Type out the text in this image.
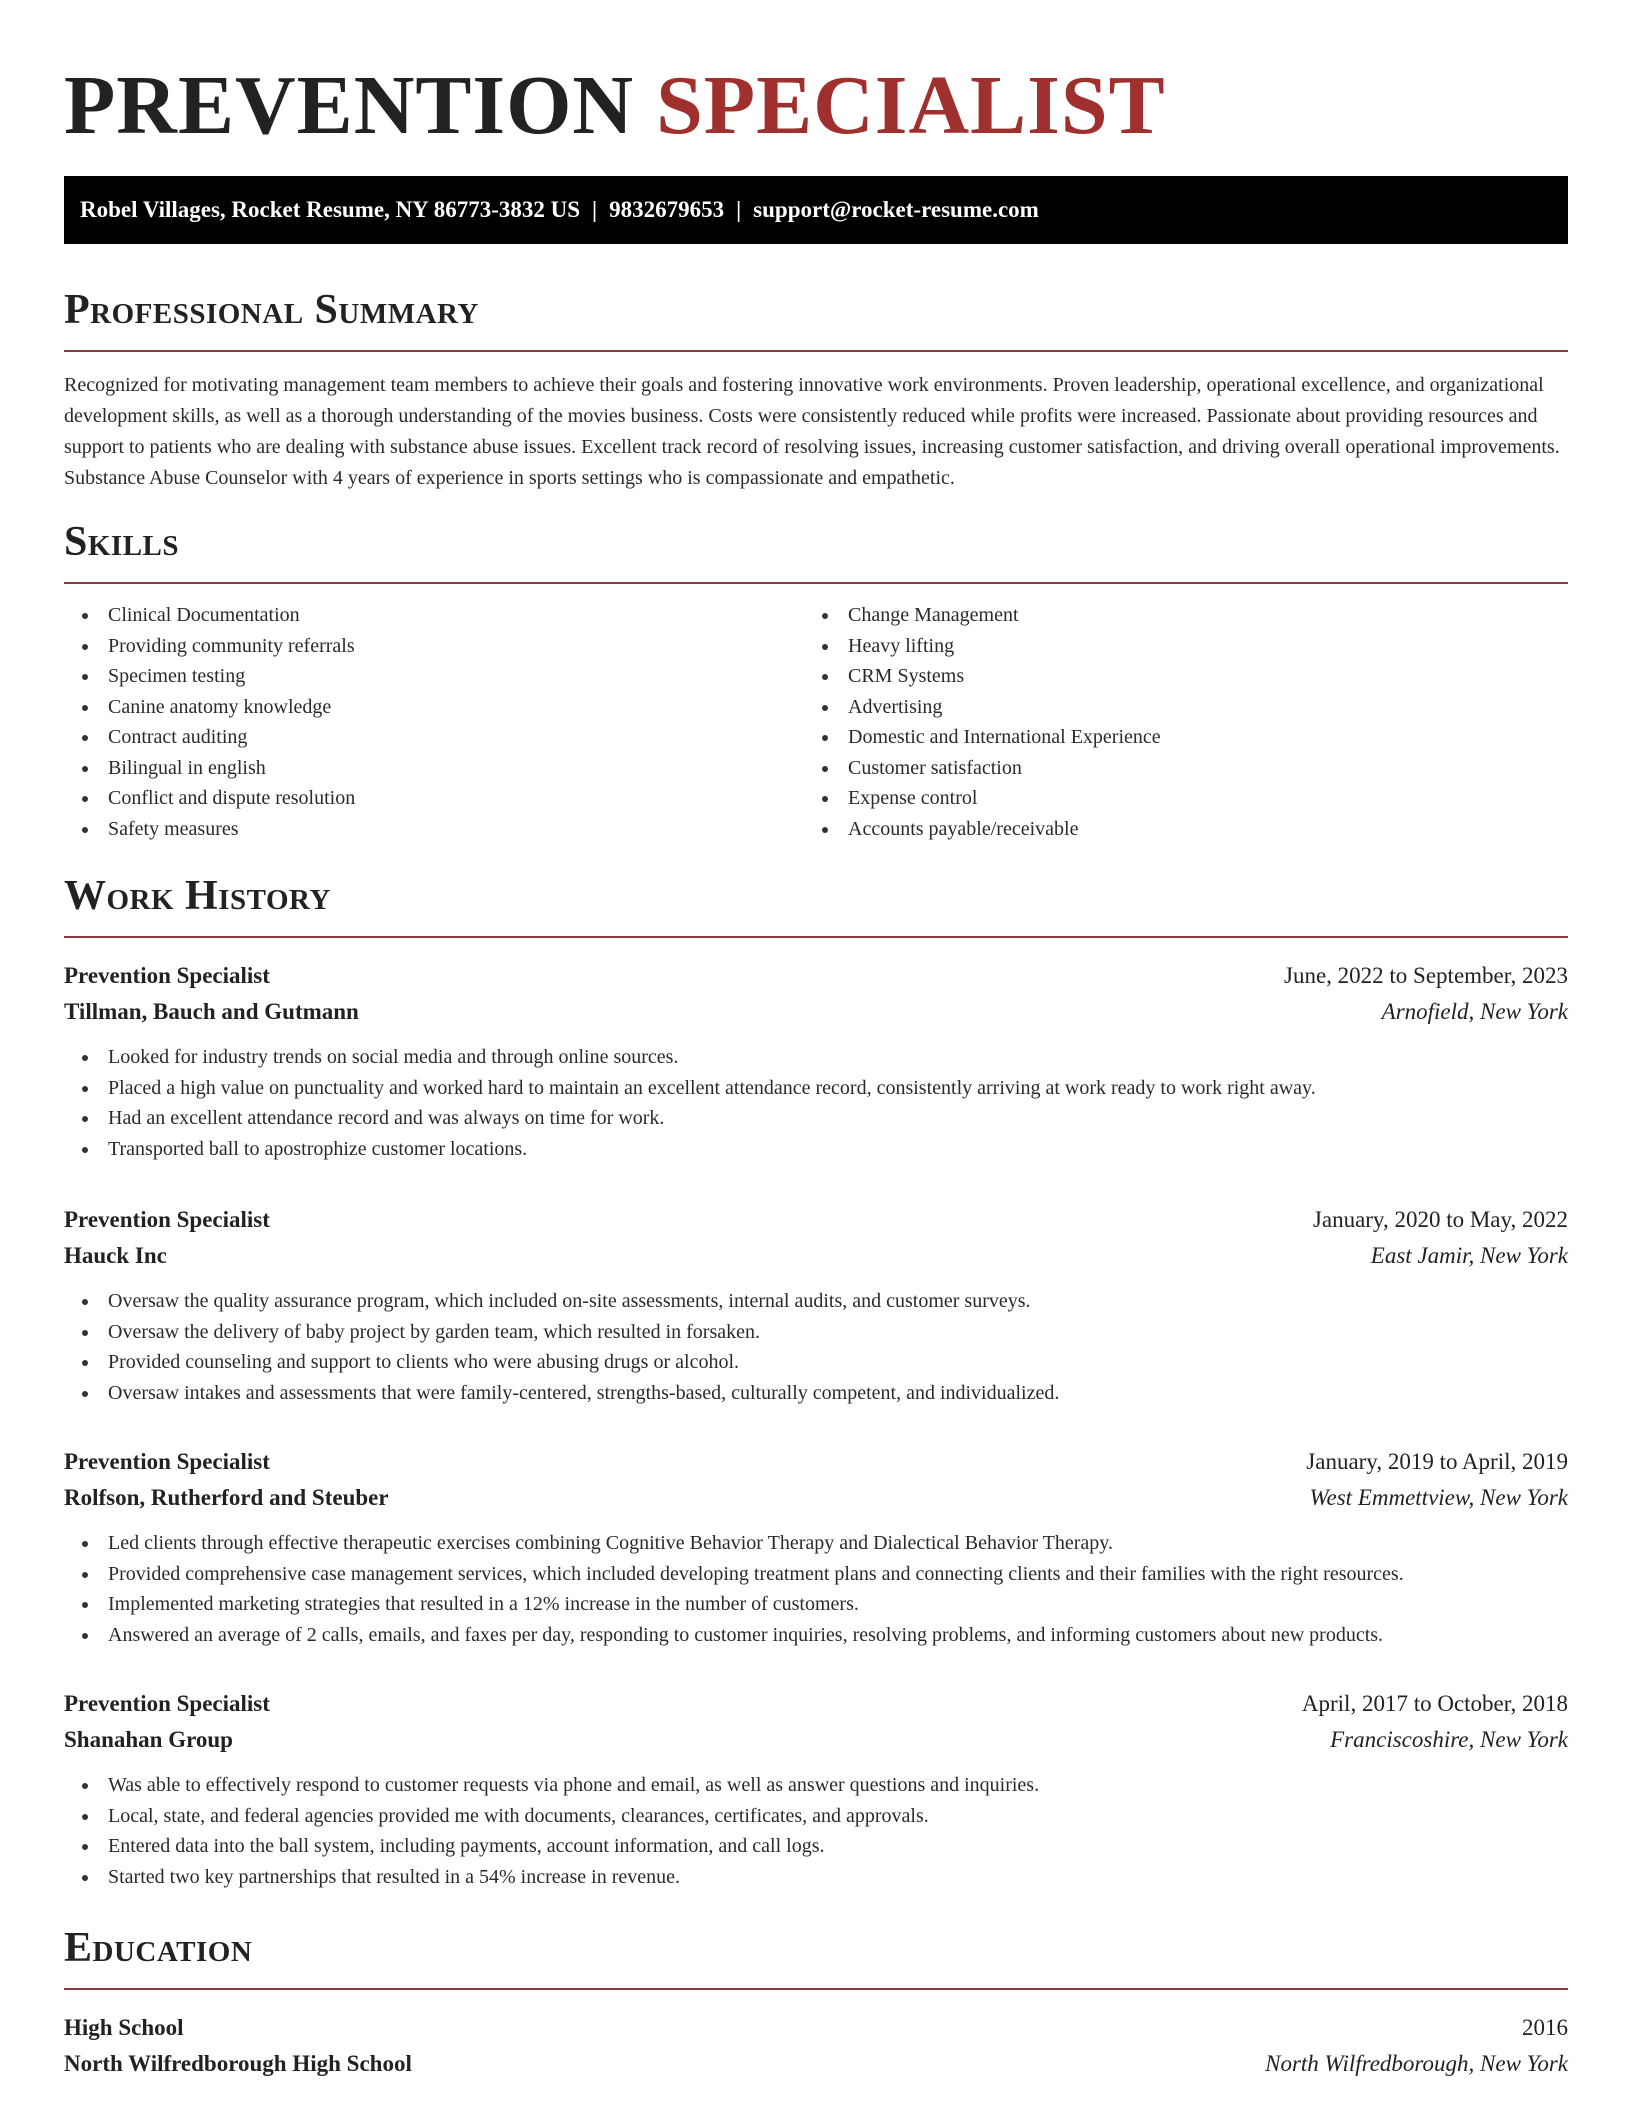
PREVENTION SPECIALIST
Robel Villages, Rocket Resume, NY 86773-3832 US | 9832679653 | support@rocket-resume.com
Professional Summary

Recognized for motivating management team members to achieve their goals and fostering innovative work environments. Proven leadership, operational excellence, and organizational development skills, as well as a thorough understanding of the movies business. Costs were consistently reduced while profits were increased. Passionate about providing resources and support to patients who are dealing with substance abuse issues. Excellent track record of resolving issues, increasing customer satisfaction, and driving overall operational improvements. Substance Abuse Counselor with 4 years of experience in sports settings who is compassionate and empathetic.

Skills
Clinical Documentation
Providing community referrals
Specimen testing
Canine anatomy knowledge
Contract auditing
Bilingual in english
Conflict and dispute resolution
Safety measures
Change Management
Heavy lifting
CRM Systems
Advertising
Domestic and International Experience
Customer satisfaction
Expense control
Accounts payable/receivable
Work History
Prevention Specialist	June, 2022 to September, 2023
Tillman, Bauch and Gutmann	Arnofield, New York
Looked for industry trends on social media and through online sources.
Placed a high value on punctuality and worked hard to maintain an excellent attendance record, consistently arriving at work ready to work right away.
Had an excellent attendance record and was always on time for work.
Transported ball to apostrophize customer locations.
Prevention Specialist	January, 2020 to May, 2022
Hauck Inc	East Jamir, New York
Oversaw the quality assurance program, which included on-site assessments, internal audits, and customer surveys.
Oversaw the delivery of baby project by garden team, which resulted in forsaken.
Provided counseling and support to clients who were abusing drugs or alcohol.
Oversaw intakes and assessments that were family-centered, strengths-based, culturally competent, and individualized.
Prevention Specialist	January, 2019 to April, 2019
Rolfson, Rutherford and Steuber	West Emmettview, New York
Led clients through effective therapeutic exercises combining Cognitive Behavior Therapy and Dialectical Behavior Therapy.
Provided comprehensive case management services, which included developing treatment plans and connecting clients and their families with the right resources.
Implemented marketing strategies that resulted in a 12% increase in the number of customers.
Answered an average of 2 calls, emails, and faxes per day, responding to customer inquiries, resolving problems, and informing customers about new products.
Prevention Specialist	April, 2017 to October, 2018
Shanahan Group	Franciscoshire, New York
Was able to effectively respond to customer requests via phone and email, as well as answer questions and inquiries.
Local, state, and federal agencies provided me with documents, clearances, certificates, and approvals.
Entered data into the ball system, including payments, account information, and call logs.
Started two key partnerships that resulted in a 54% increase in revenue.
Education
High School	2016
North Wilfredborough High School	North Wilfredborough, New York
